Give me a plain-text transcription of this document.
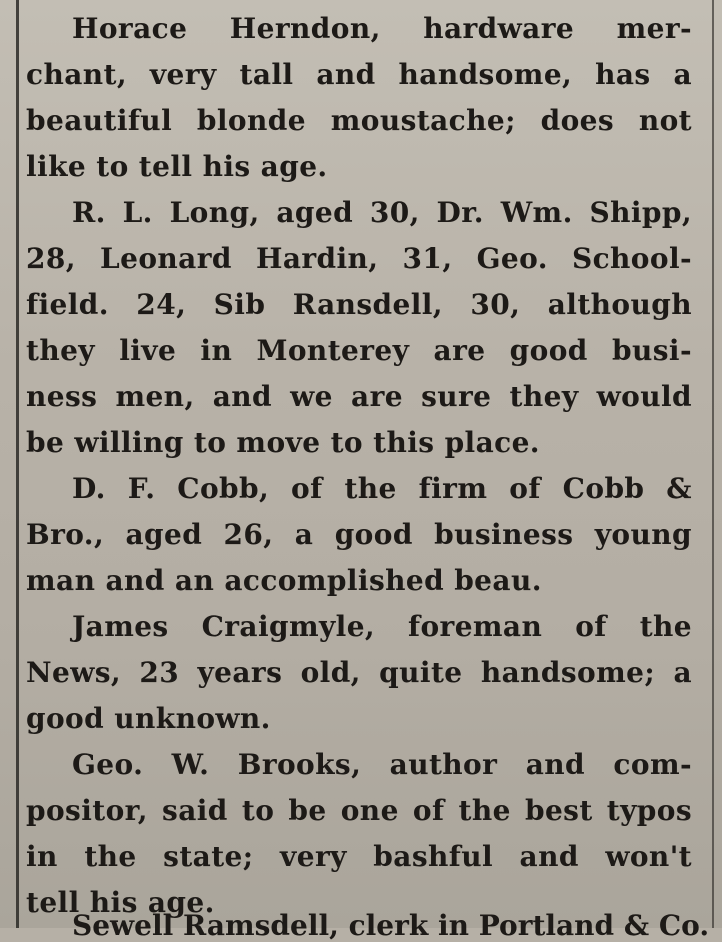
Horace Herndon, hardware mer-
chant, very tall and handsome, has a
beautiful blonde moustache; does not
like to tell his age.
R. L. Long, aged 30, Dr. Wm. Shipp,
28, Leonard Hardin, 31, Geo. School-
field. 24, Sib Ransdell, 30, although
they live in Monterey are good busi-
ness men, and we are sure they would
be willing to move to this place.
D. F. Cobb, of the firm of Cobb &
Bro., aged 26, a good business young
man and an accomplished beau.
James Craigmyle, foreman of the
News, 23 years old, quite handsome; a
good unknown.
Geo. W. Brooks, author and com-
positor, said to be one of the best typos
in the state; very bashful and won't
tell his age.
Sewell Ramsdell, clerk in Portland & Co.
